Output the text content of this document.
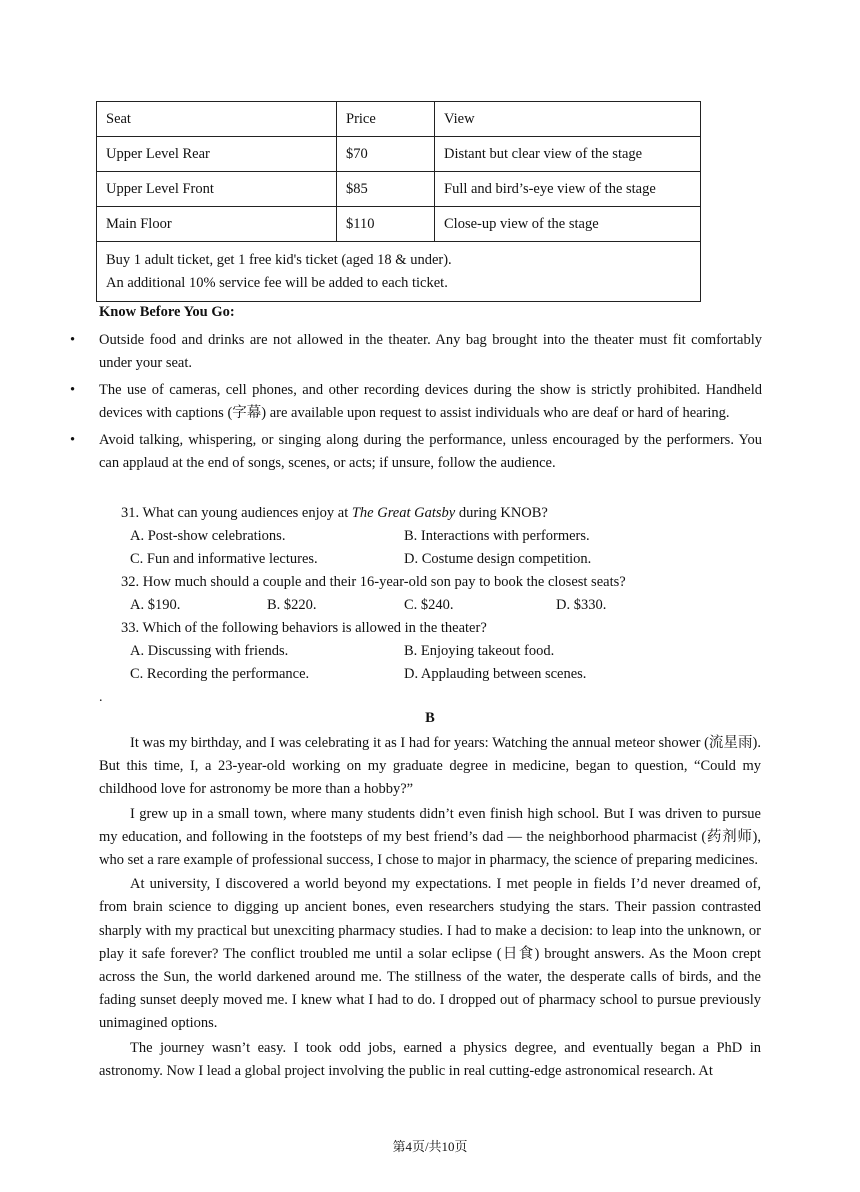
Seat	Price	View
Upper Level Rear	$70	Distant but clear view of the stage
Upper Level Front	$85	Full and bird’s-eye view of the stage
Main Floor	$110	Close-up view of the stage

Buy 1 adult ticket, get 1 free kid's ticket (aged 18 & under).
An additional 10% service fee will be added to each ticket.		
Know Before You Go:
• Outside food and drinks are not allowed in the theater. Any bag brought into the theater must fit comfortably under your seat.
• The use of cameras, cell phones, and other recording devices during the show is strictly prohibited. Handheld devices with captions (字幕) are available upon request to assist individuals who are deaf or hard of hearing.
• Avoid talking, whispering, or singing along during the performance, unless encouraged by the performers. You can applaud at the end of songs, scenes, or acts; if unsure, follow the audience.
31. What can young audiences enjoy at The Great Gatsby during KNOB?
A. Post-show celebrations.	B. Interactions with performers.
C. Fun and informative lectures.	D. Costume design competition.
32. How much should a couple and their 16-year-old son pay to book the closest seats?
A. $190.	B. $220.	C. $240.	D. $330.
33. Which of the following behaviors is allowed in the theater?
A. Discussing with friends.	B. Enjoying takeout food.
C. Recording the performance.	D. Applauding between scenes.
.
B

It was my birthday, and I was celebrating it as I had for years: Watching the annual meteor shower (流星雨). But this time, I, a 23-year-old working on my graduate degree in medicine, began to question, “Could my childhood love for astronomy be more than a hobby?”

I grew up in a small town, where many students didn’t even finish high school. But I was driven to pursue my education, and following in the footsteps of my best friend’s dad — the neighborhood pharmacist (药剂师), who set a rare example of professional success, I chose to major in pharmacy, the science of preparing medicines.

At university, I discovered a world beyond my expectations. I met people in fields I’d never dreamed of, from brain science to digging up ancient bones, even researchers studying the stars. Their passion contrasted sharply with my practical but unexciting pharmacy studies. I had to make a decision: to leap into the unknown, or play it safe forever? The conflict troubled me until a solar eclipse (日食) brought answers. As the Moon crept across the Sun, the world darkened around me. The stillness of the water, the desperate calls of birds, and the fading sunset deeply moved me. I knew what I had to do. I dropped out of pharmacy school to pursue previously unimagined options.

The journey wasn’t easy. I took odd jobs, earned a physics degree, and eventually began a PhD in astronomy. Now I lead a global project involving the public in real cutting-edge astronomical research. At

第4页/共10页
